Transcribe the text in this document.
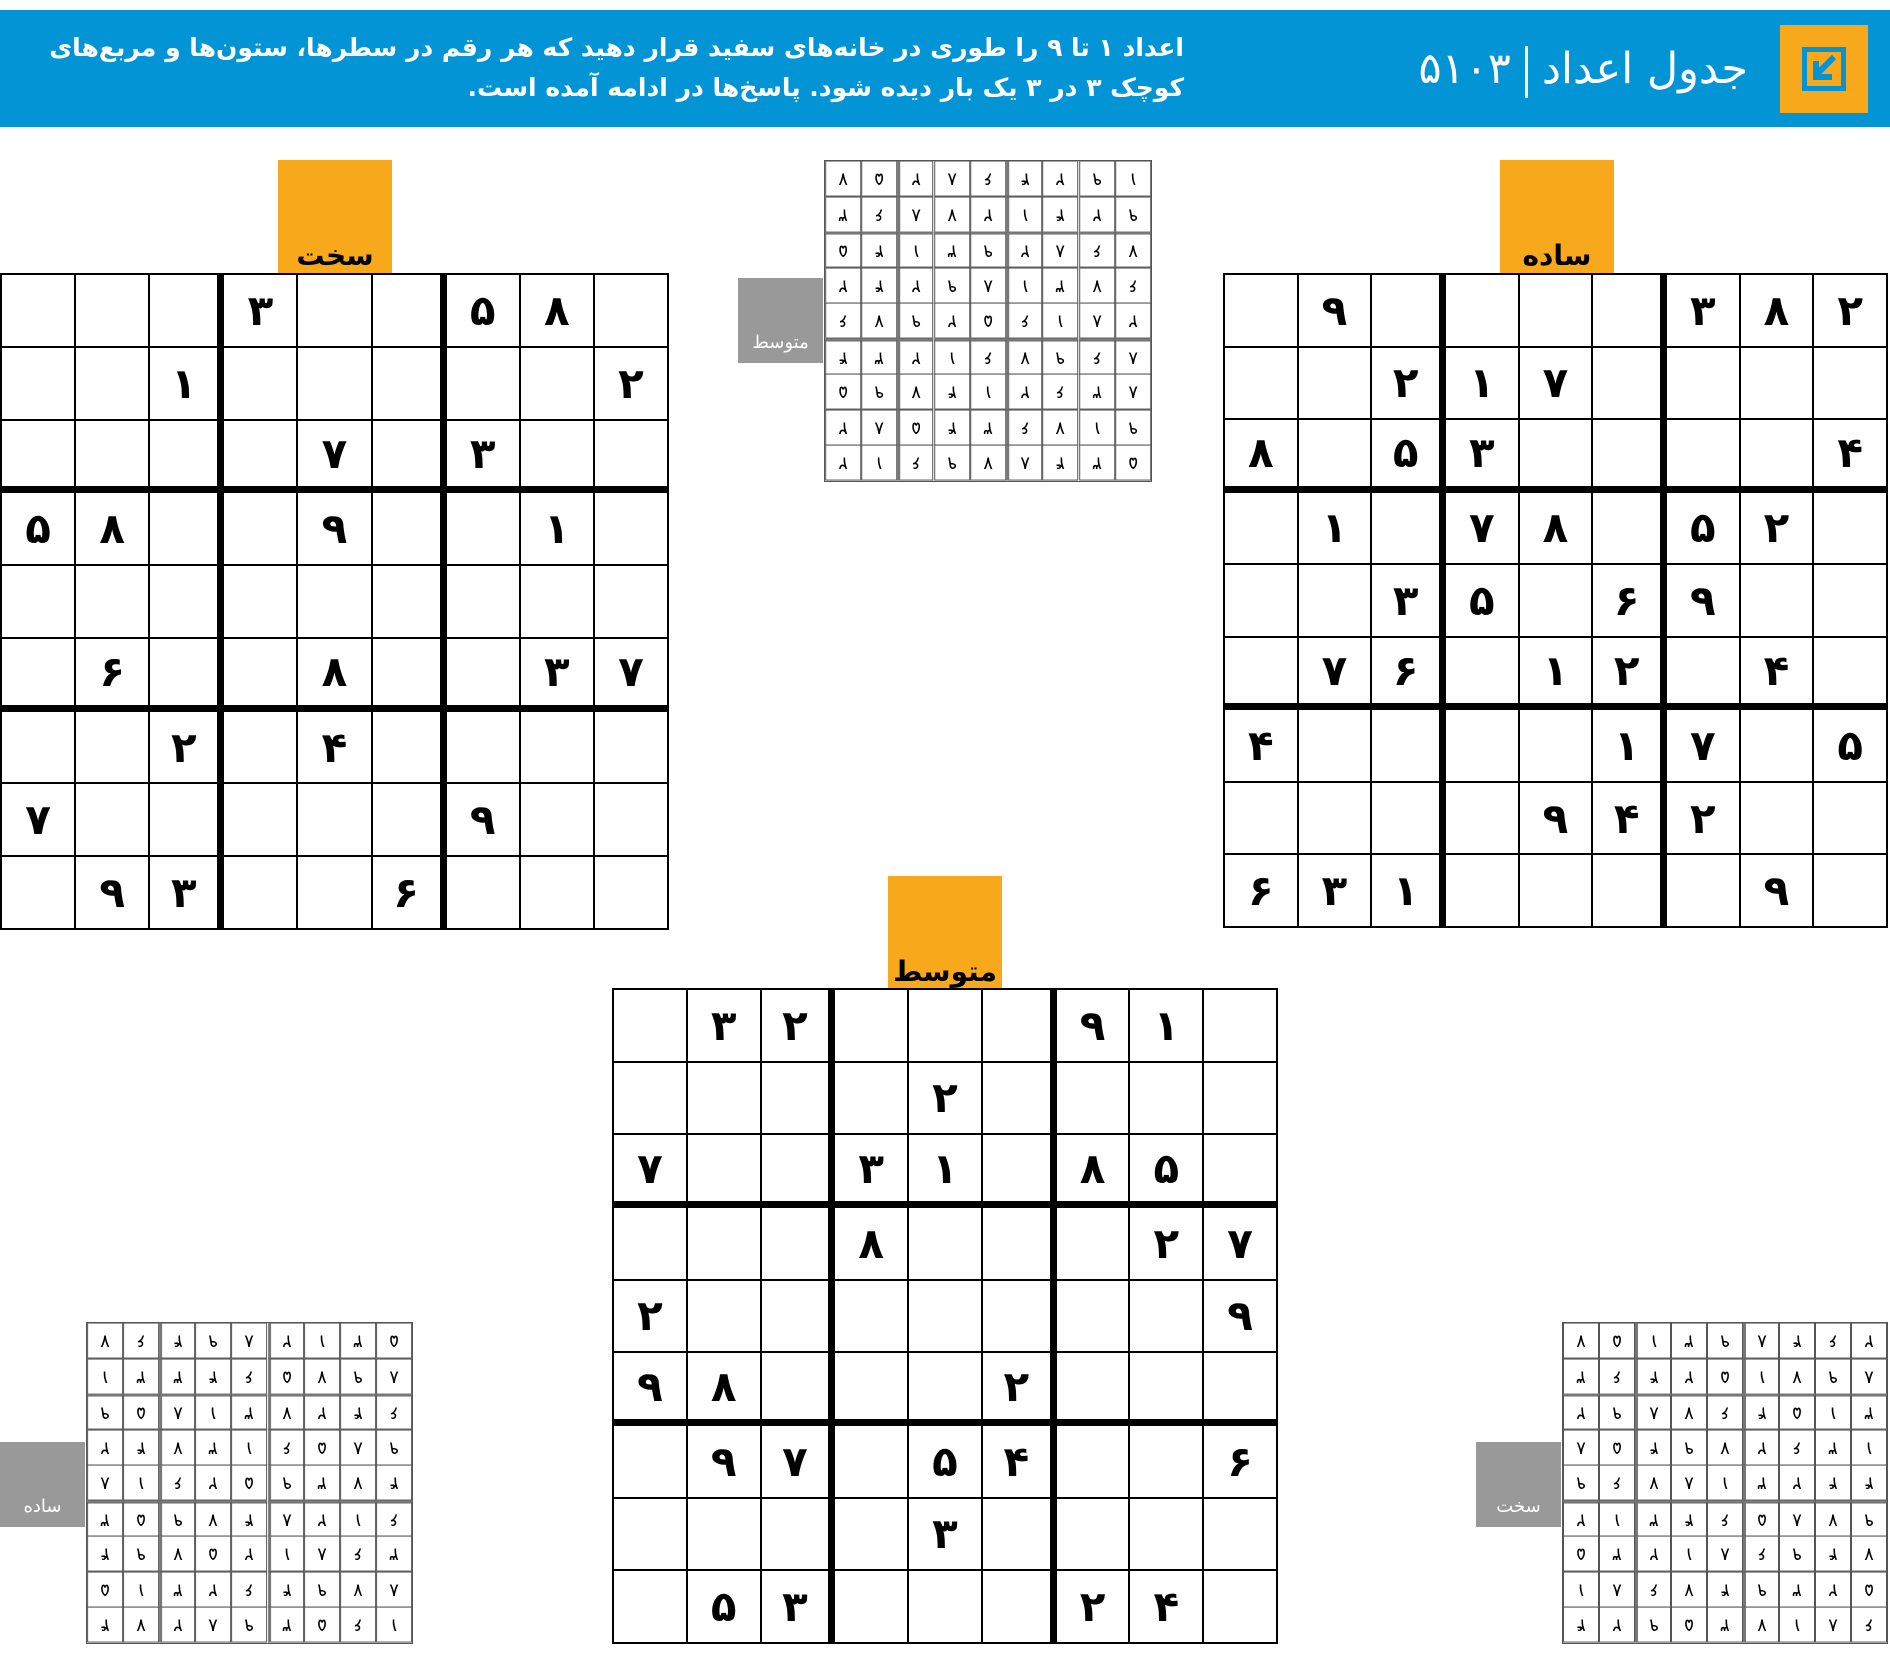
جدول اعداد۵۱۰۳
اعداد ۱ تا ۹ را طوری در خانه‌های سفید قرار دهید که هر رقم در سطرها، ستون‌ها و مربع‌های کوچک ۳ در ۳ یک بار دیده شود. پاسخ‌ها در ادامه آمده است.
ساده
۲
۸
۳
۹
۷
۱
۲
۴
۳
۵
۸
۲
۵
۸
۷
۱
۹
۶
۵
۳
۴
۲
۱
۶
۷
۵
۷
۱
۴
۲
۴
۹
۹
۱
۳
۶
سخت
۸
۵
۳
۲
۱
۳
۷
۱
۹
۸
۵
۷
۳
۸
۶
۴
۲
۹
۷
۶
۳
۹
متوسط
۱
۹
۲
۳
۲
۵
۸
۱
۳
۷
۷
۲
۸
۹
۲
۲
۸
۹
۶
۴
۵
۷
۹
۳
۴
۲
۳
۵
متوسط
۱
۹
۲
۴
۶
۸
۲
۵
۷
۹
۲
۴
۱
۲
۷
۸
۶
۳
۷
۶
۸
۲
۹
۳
۱
۴
۵
۶
۷
۳
۱
۸
۹
۲
۴
۲
۲
۸
۱
۶
۵
۲
۹
۷
۶
۸
۶
۹
۷
۶
۱
۲
۳
۴
۸
۳
۶
۲
۱
۴
۷
۹
۵
۹
۱
۷
۶
۳
۴
۵
۸
۲
۵
۳
۴
۸
۷
۹
۶
۱
۲
ساده
۵
۳
۱
۲
۸
۹
۴
۶
۷
۸
۹
۷
۵
۶
۴
۳
۳
۱
۶
۴
۲
۷
۳
۱
۸
۵
۹
۹
۸
۵
۶
۱
۳
۷
۴
۲
۴
۷
۳
۹
۵
۲
۶
۱
۸
۶
۱
۲
۸
۴
۷
۹
۵
۳
۳
۶
۸
۱
۲
۵
۷
۹
۴
۸
۷
۹
۴
۶
۲
۳
۱
۵
۱
۶
۵
۳
۹
۸
۲
۷
۴
سخت
۲
۶
۴
۸
۹
۳
۱
۵
۷
۸
۹
۷
۱
۵
۲
۴
۶
۳
۳
۱
۵
۴
۶
۷
۸
۹
۲
۱
۳
۶
۲
۷
۹
۴
۵
۸
۴
۴
۲
۳
۱
۸
۷
۶
۹
۹
۷
۸
۵
۶
۴
۳
۱
۲
۷
۴
۹
۶
۸
۱
۲
۳
۵
۵
۲
۳
۹
۴
۷
۶
۸
۱
۶
۸
۱
۷
۳
۵
۹
۲
۴
